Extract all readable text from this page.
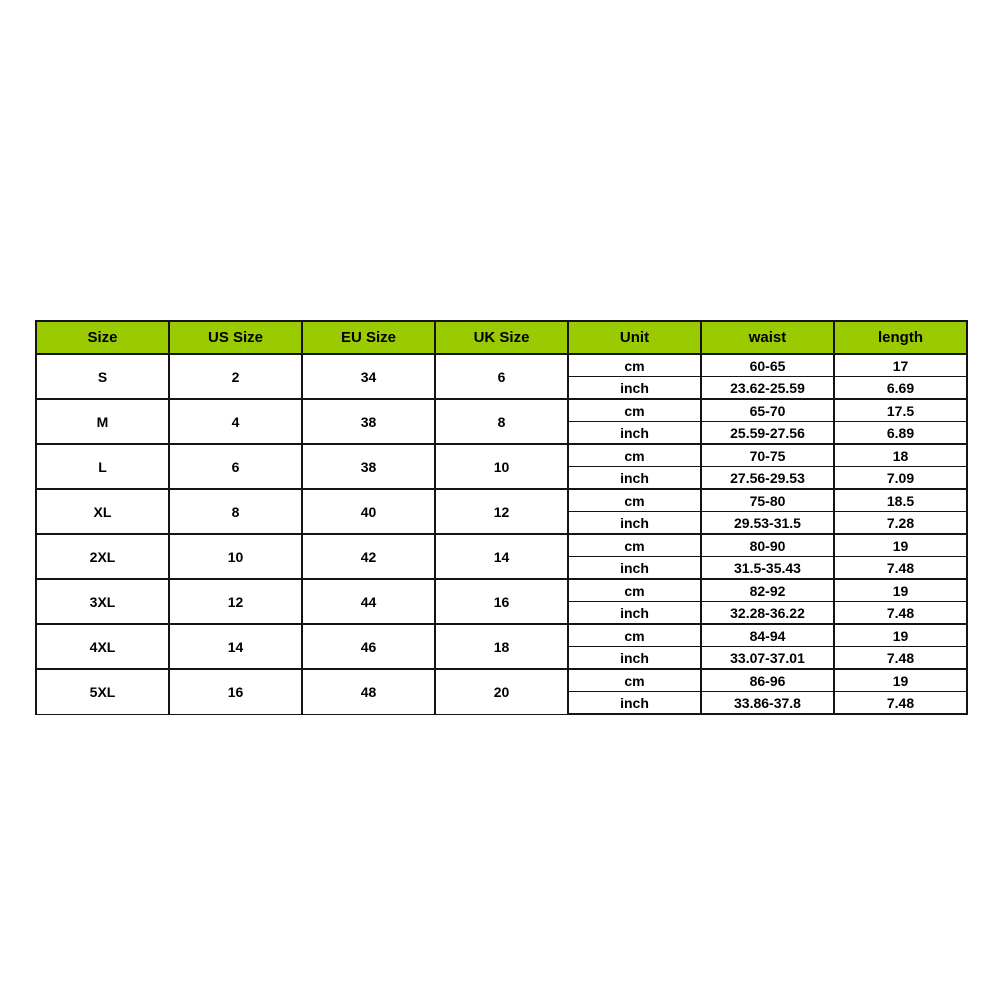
Size	US Size	EU Size	UK Size	Unit	waist	length
S	2	34	6	cm	60-65	17
				inch	23.62-25.59	6.69
M	4	38	8	cm	65-70	17.5
				inch	25.59-27.56	6.89
L	6	38	10	cm	70-75	18
				inch	27.56-29.53	7.09
XL	8	40	12	cm	75-80	18.5
				inch	29.53-31.5	7.28
2XL	10	42	14	cm	80-90	19
				inch	31.5-35.43	7.48
3XL	12	44	16	cm	82-92	19
				inch	32.28-36.22	7.48
4XL	14	46	18	cm	84-94	19
				inch	33.07-37.01	7.48
5XL	16	48	20	cm	86-96	19
				inch	33.86-37.8	7.48
